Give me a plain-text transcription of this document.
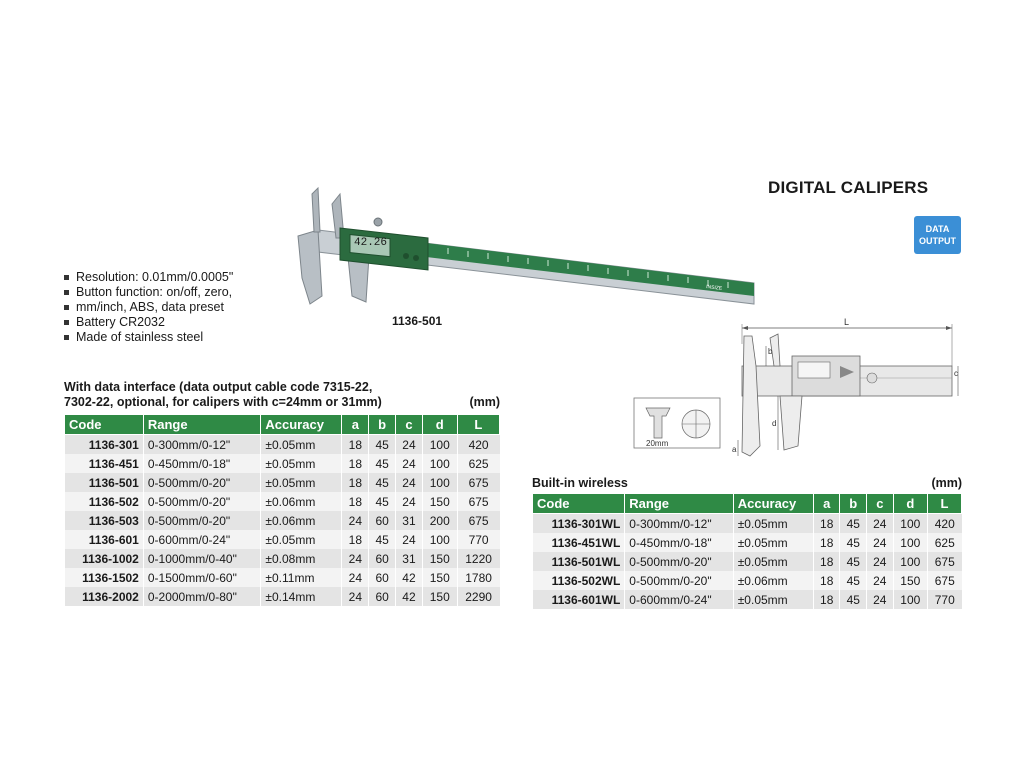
DIGITAL CALIPERS
DATA
OUTPUT
42.26
INSIZE
1136-501
Resolution: 0.01mm/0.0005"
Button function: on/off, zero,
mm/inch, ABS, data preset
Battery CR2032
Made of stainless steel
L
c
b
d
a
20mm
With data interface (data output cable code 7315-22,
7302-22, optional, for calipers with c=24mm or 31mm)	(mm)
Code	Range	Accuracy	a	b	c	d	L
1136-301	0-300mm/0-12"	±0.05mm	18	45	24	100	420
1136-451	0-450mm/0-18"	±0.05mm	18	45	24	100	625
1136-501	0-500mm/0-20"	±0.05mm	18	45	24	100	675
1136-502	0-500mm/0-20"	±0.06mm	18	45	24	150	675
1136-503	0-500mm/0-20"	±0.06mm	24	60	31	200	675
1136-601	0-600mm/0-24"	±0.05mm	18	45	24	100	770
1136-1002	0-1000mm/0-40"	±0.08mm	24	60	31	150	1220
1136-1502	0-1500mm/0-60"	±0.11mm	24	60	42	150	1780
1136-2002	0-2000mm/0-80"	±0.14mm	24	60	42	150	2290
Built-in wireless	(mm)
Code	Range	Accuracy	a	b	c	d	L
1136-301WL	0-300mm/0-12"	±0.05mm	18	45	24	100	420
1136-451WL	0-450mm/0-18"	±0.05mm	18	45	24	100	625
1136-501WL	0-500mm/0-20"	±0.05mm	18	45	24	100	675
1136-502WL	0-500mm/0-20"	±0.06mm	18	45	24	150	675
1136-601WL	0-600mm/0-24"	±0.05mm	18	45	24	100	770
